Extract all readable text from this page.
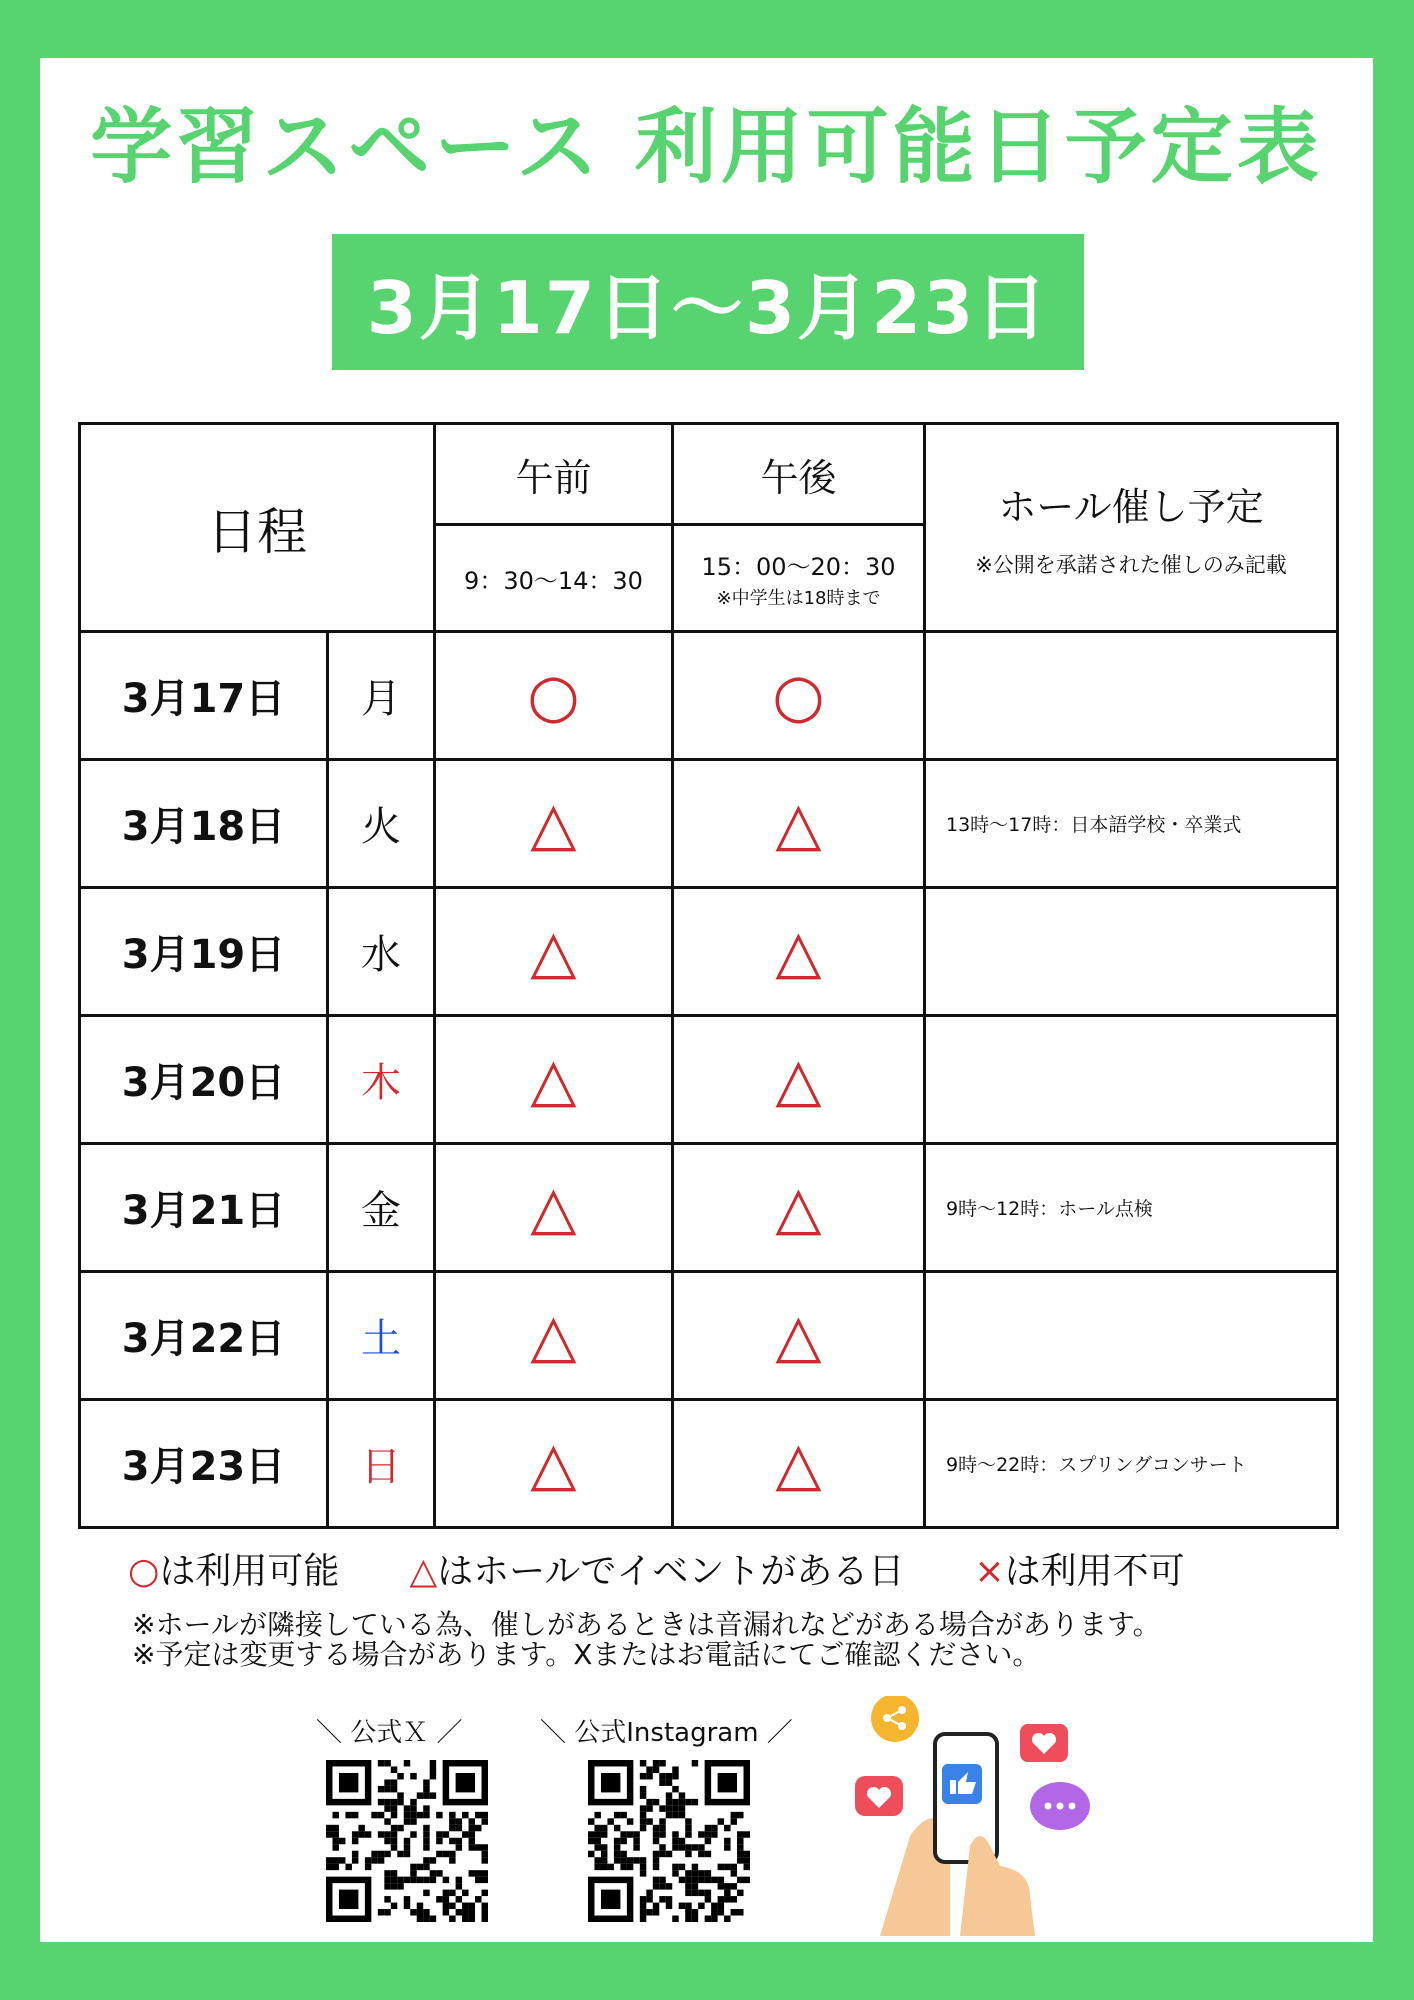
学習スペース 利用可能日予定表
3月17日～3月23日
日程		午前	午後	ホール催し予定
※公開を承諾された催しのみ記載

		9：30～14：30	15：00～20：30
※中学生は18時まで	

3月17日	月	○	○	
3月18日	火	△	△	13時～17時：日本語学校・卒業式
3月19日	水	△	△	
3月20日	木	△	△	
3月21日	金	△	△	9時～12時：ホール点検
3月22日	土	△	△	
3月23日	日	△	△	9時～22時：スプリングコンサート
○は利用可能 △はホールでイベントがある日 ×は利用不可
※ホールが隣接している為、催しがあるときは音漏れなどがある場合があります。
※予定は変更する場合があります。Xまたはお電話にてご確認ください。
＼ 公式Ｘ ／	＼ 公式Instagram ／
